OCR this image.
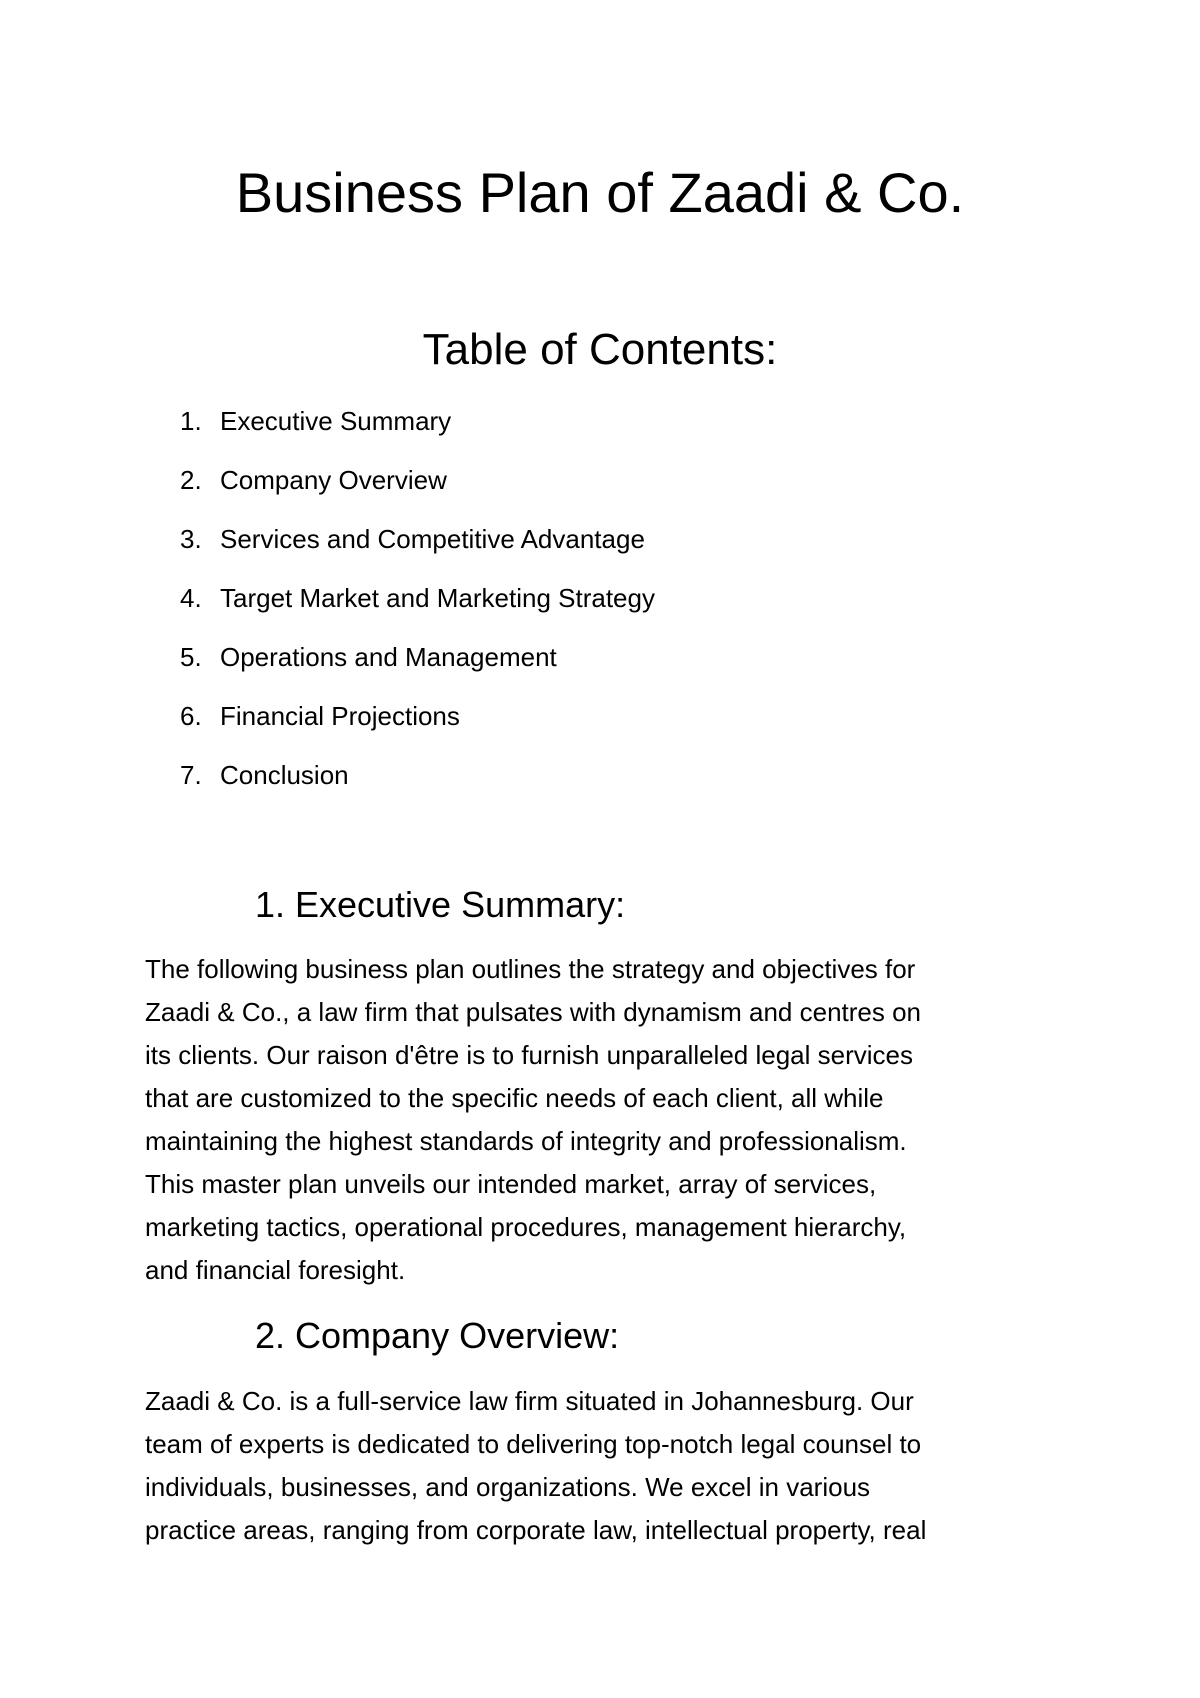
Business Plan of Zaadi & Co.
Table of Contents:
1. Executive Summary
2. Company Overview
3. Services and Competitive Advantage
4. Target Market and Marketing Strategy
5. Operations and Management
6. Financial Projections
7. Conclusion
1. Executive Summary:

The following business plan outlines the strategy and objectives for
Zaadi & Co., a law firm that pulsates with dynamism and centres on
its clients. Our raison d'être is to furnish unparalleled legal services
that are customized to the specific needs of each client, all while
maintaining the highest standards of integrity and professionalism.
This master plan unveils our intended market, array of services,
marketing tactics, operational procedures, management hierarchy,
and financial foresight.

2. Company Overview:

Zaadi & Co. is a full-service law firm situated in Johannesburg. Our
team of experts is dedicated to delivering top-notch legal counsel to
individuals, businesses, and organizations. We excel in various
practice areas, ranging from corporate law, intellectual property, real
